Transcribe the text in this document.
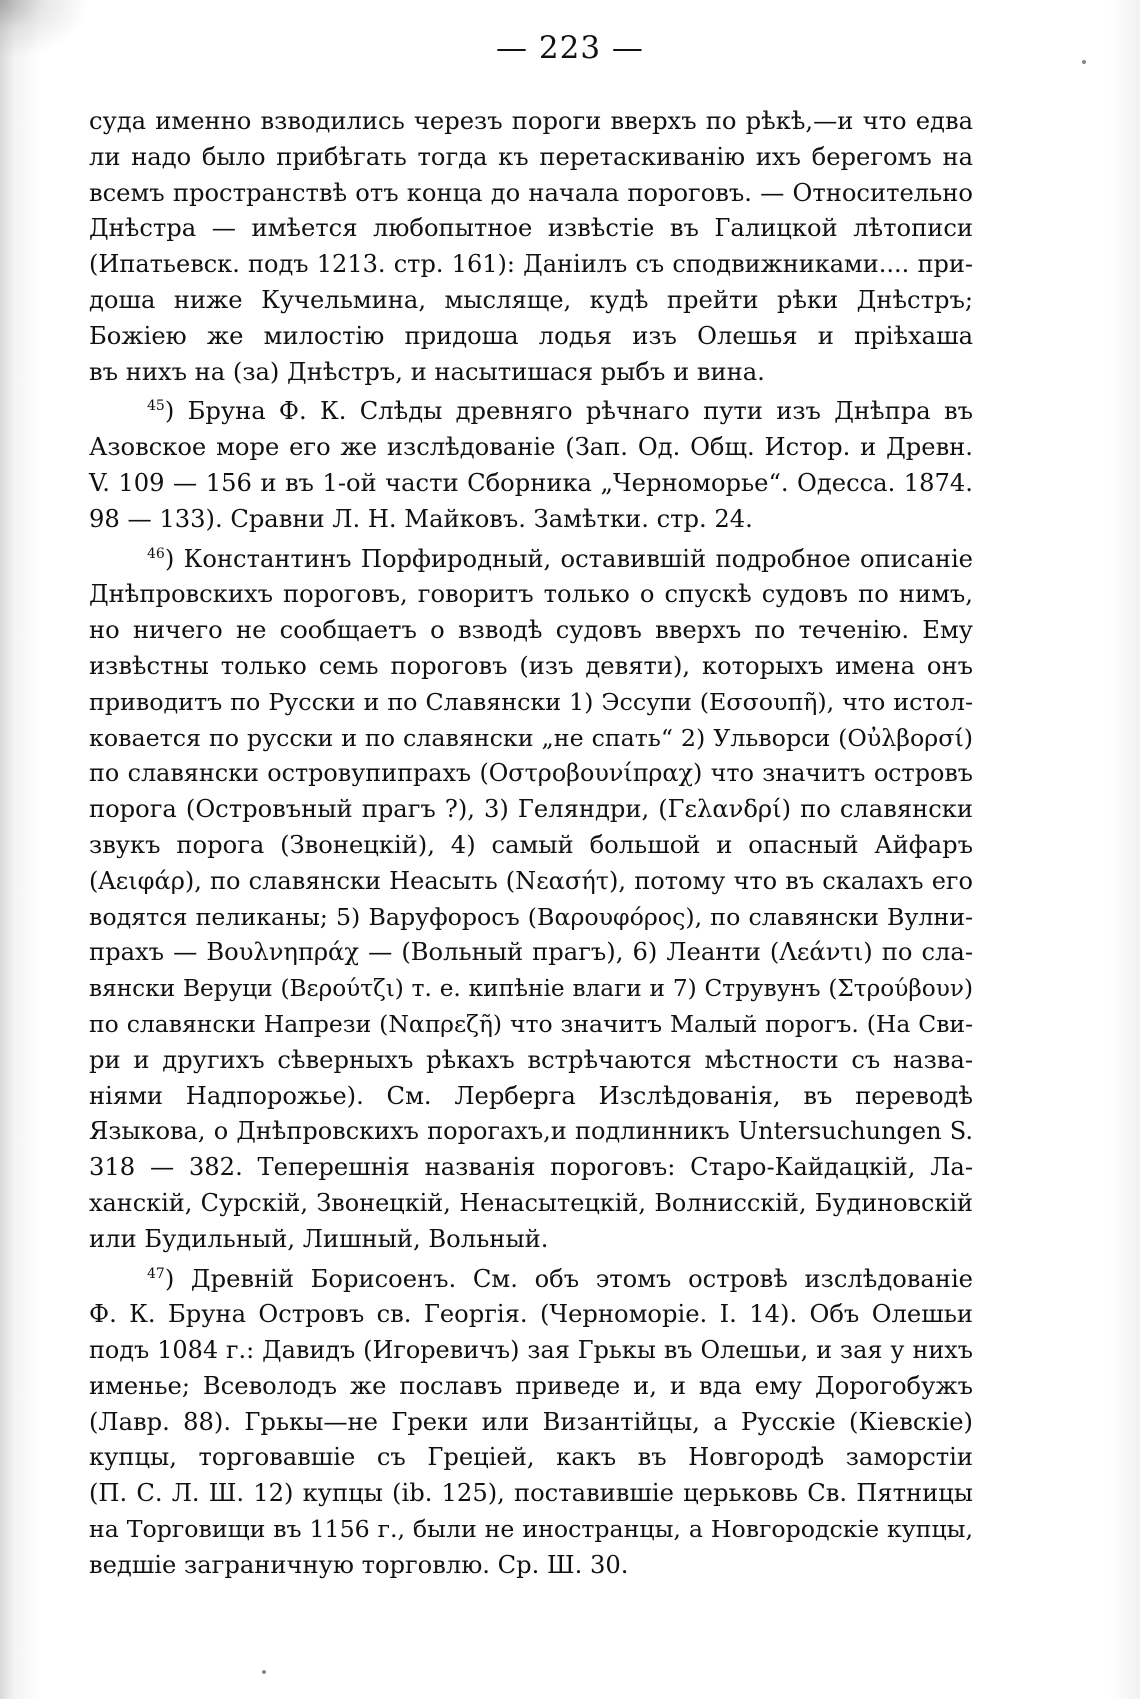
— 223 —
суда именно взводились черезъ пороги вверхъ по рѣкѣ,—и что едва
ли надо было прибѣгать тогда къ перетаскиванію ихъ берегомъ на
всемъ пространствѣ отъ конца до начала пороговъ. — Относительно
Днѣстра — имѣется любопытное извѣстіе въ Галицкой лѣтописи
(Ипатьевск. подъ 1213. стр. 161): Даніилъ съ сподвижниками.... при-
доша ниже Кучельмина, мысляще, кудѣ прейти рѣки Днѣстръ;
Божіею же милостію придоша лодья изъ Олешья и пріѣхаша
въ нихъ на (за) Днѣстръ, и насытишася рыбъ и вина.
$^{45}$) Бруна Ф. К. Слѣды древняго рѣчнаго пути изъ Днѣпра въ
Азовское море его же изслѣдованіе (Зап. Од. Общ. Истор. и Древн.
V. 109 — 156 и въ 1-ой части Сборника „Черноморье“. Одесса. 1874.
98 — 133). Сравни Л. Н. Майковъ. Замѣтки. стр. 24.
$^{46}$) Константинъ Порфиродный, оставившій подробное описаніе
Днѣпровскихъ пороговъ, говоритъ только о спускѣ судовъ по нимъ,
но ничего не сообщаетъ о взводѣ судовъ вверхъ по теченію. Ему
извѣстны только семь пороговъ (изъ девяти), которыхъ имена онъ
приводитъ по Русски и по Славянски 1) Эссупи (Εσσουπῆ), что истол-
ковается по русски и по славянски „не спать“ 2) Ульворси (Οὐλβορσί)
по славянски островупипрахъ (Οστροβουνίπραχ) что значитъ островъ
порога (Островъный прагъ ?), 3) Геляндри, (Γελανδρί) по славянски
звукъ порога (Звонецкій), 4) самый большой и опасный Айфаръ
(Αειφάρ), по славянски Неасыть (Νεασήτ), потому что въ скалахъ его
водятся пеликаны; 5) Варуфоросъ (Βαρουφόρος), по славянски Вулни-
прахъ — Βουλνηπράχ — (Вольный прагъ), 6) Леанти (Λεάντι) по сла-
вянски Веруци (Βερούτζι) т. е. кипѣніе влаги и 7) Струвунъ (Στρούβουν)
по славянски Напрези (Ναπρεζῆ) что значитъ Малый порогъ. (На Сви-
ри и другихъ сѣверныхъ рѣкахъ встрѣчаются мѣстности съ назва-
ніями Надпорожье). См. Лерберга Изслѣдованія, въ переводѣ
Языкова, о Днѣпровскихъ порогахъ,и подлинникъ Untersuchungen S.
318 — 382. Теперешнія названія пороговъ: Старо-Кайдацкій, Ла-
ханскій, Сурскій, Звонецкій, Ненасытецкій, Волнисскій, Будиновскій
или Будильный, Лишный, Вольный.
$^{47}$) Древній Борисоенъ. См. объ этомъ островѣ изслѣдованіе
Ф. К. Бруна Островъ св. Георгія. (Черноморіе. І. 14). Объ Олешьи
подъ 1084 г.: Давидъ (Игоревичъ) зая Грькы въ Олешьи, и зая у нихъ
именье; Всеволодъ же пославъ приведе и, и вда ему Дорогобужъ
(Лавр. 88). Грькы—не Греки или Византійцы, а Русскіе (Кіевскіе)
купцы, торговавшіе съ Греціей, какъ въ Новгородѣ заморстіи
(П. С. Л. Ш. 12) купцы (ib. 125), поставившіе церьковь Св. Пятницы
на Торговищи въ 1156 г., были не иностранцы, а Новгородскіе купцы,
ведшіе заграничную торговлю. Ср. Ш. 30.
